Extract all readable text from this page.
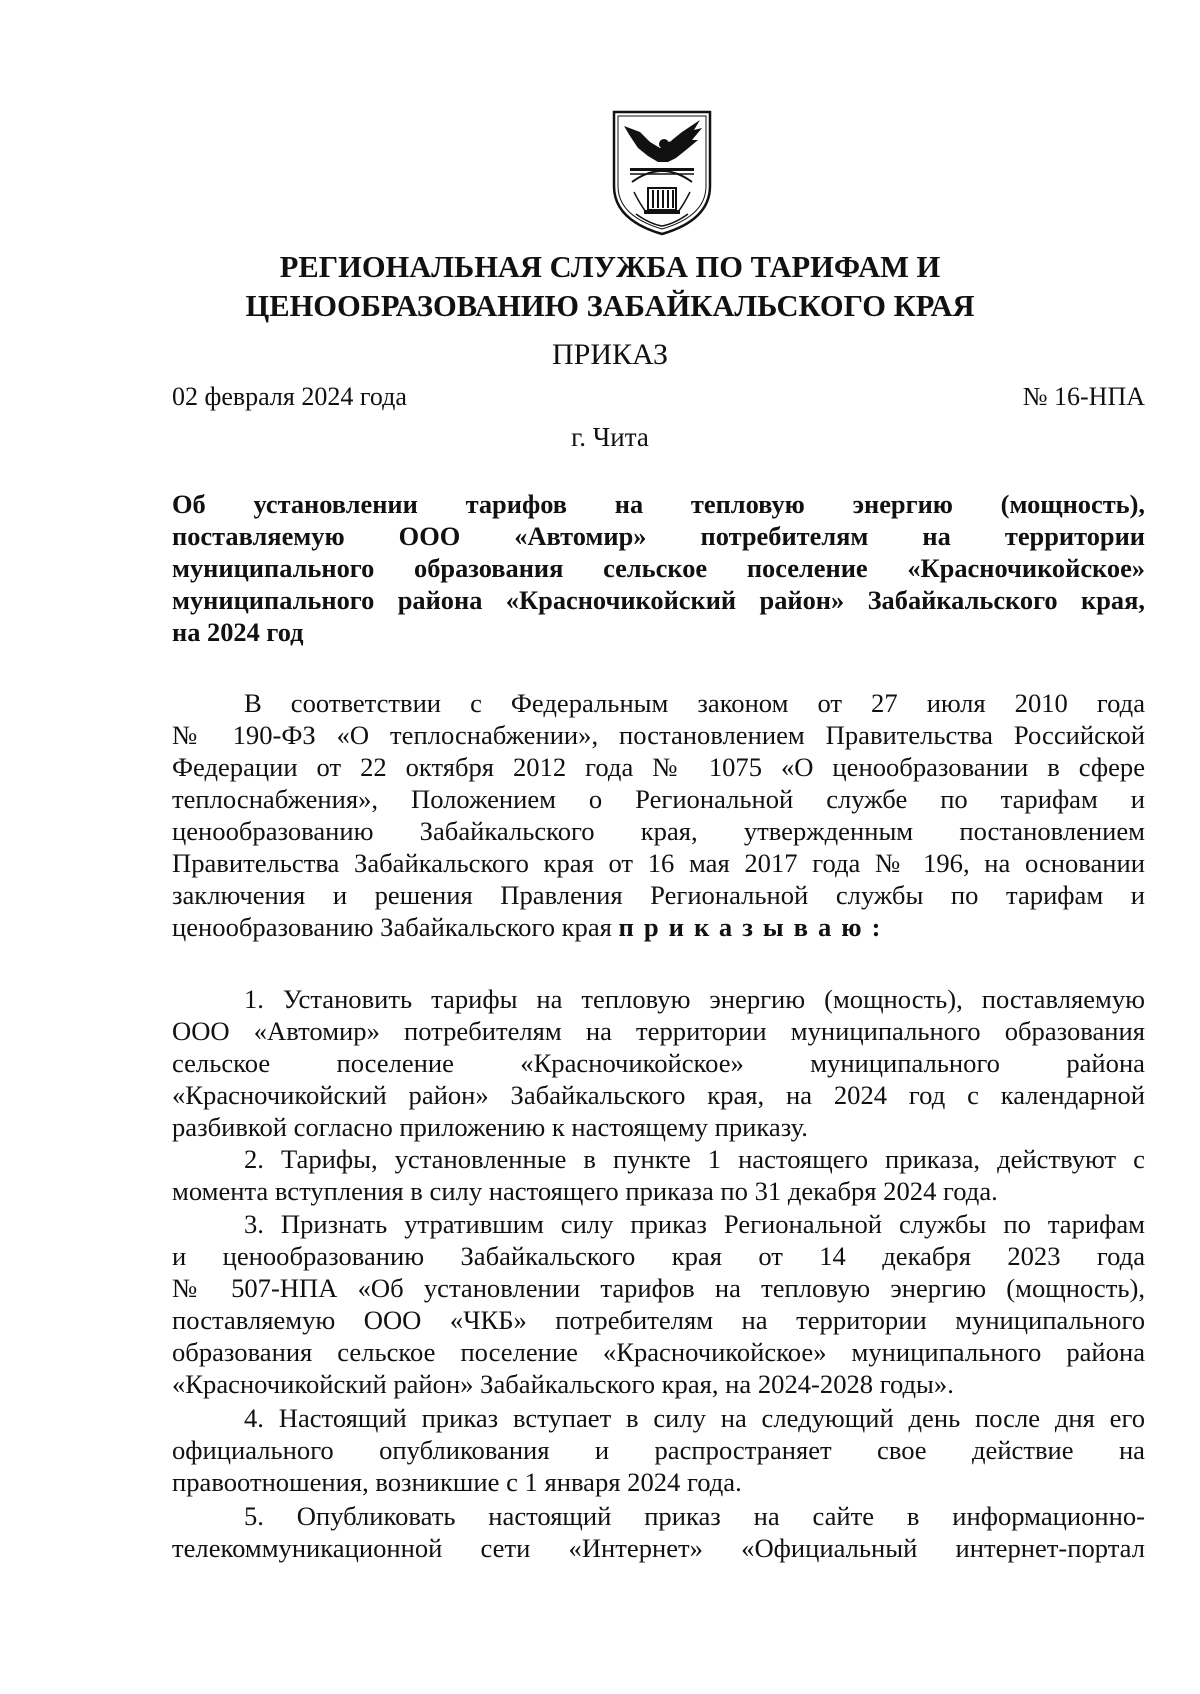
РЕГИОНАЛЬНАЯ СЛУЖБА ПО ТАРИФАМ И
ЦЕНООБРАЗОВАНИЮ ЗАБАЙКАЛЬСКОГО КРАЯ
ПРИКАЗ
02 февраля 2024 года	№ 16-НПА
г. Чита
Об установлении тарифов на тепловую энергию (мощность),
поставляемую ООО «Автомир» потребителям на территории
муниципального образования сельское поселение «Красночикойское»
муниципального района «Красночикойский район» Забайкальского края,
на 2024 год
В соответствии с Федеральным законом от 27 июля 2010 года
№ 190-ФЗ «О теплоснабжении», постановлением Правительства Российской
Федерации от 22 октября 2012 года № 1075 «О ценообразовании в сфере
теплоснабжения», Положением о Региональной службе по тарифам и
ценообразованию Забайкальского края, утвержденным постановлением
Правительства Забайкальского края от 16 мая 2017 года № 196, на основании
заключения и решения Правления Региональной службы по тарифам и
ценообразованию Забайкальского края приказываю:
1. Установить тарифы на тепловую энергию (мощность), поставляемую
ООО «Автомир» потребителям на территории муниципального образования
сельское поселение «Красночикойское» муниципального района
«Красночикойский район» Забайкальского края, на 2024 год с календарной
разбивкой согласно приложению к настоящему приказу.
2. Тарифы, установленные в пункте 1 настоящего приказа, действуют с
момента вступления в силу настоящего приказа по 31 декабря 2024 года.
3. Признать утратившим силу приказ Региональной службы по тарифам
и ценообразованию Забайкальского края от 14 декабря 2023 года
№ 507-НПА «Об установлении тарифов на тепловую энергию (мощность),
поставляемую ООО «ЧКБ» потребителям на территории муниципального
образования сельское поселение «Красночикойское» муниципального района
«Красночикойский район» Забайкальского края, на 2024-2028 годы».
4. Настоящий приказ вступает в силу на следующий день после дня его
официального опубликования и распространяет свое действие на
правоотношения, возникшие с 1 января 2024 года.
5. Опубликовать настоящий приказ на сайте в информационно-
телекоммуникационной сети «Интернет» «Официальный интернет-портал
